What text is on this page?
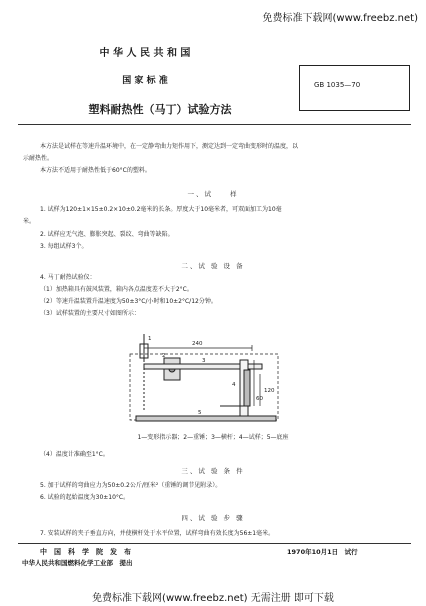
免费标准下载网(www.freebz.net)
中 华 人 民 共 和 国
国 家 标 准	GB 1035—70
塑料耐热性（马丁）试验方法
本方法是试样在等速升温环境中，在一定静弯曲力矩作用下，测定达到一定弯曲变形时的温度，以
示耐热性。
本方法不适用于耐热性低于60°C的塑料。
一、试　　样
1. 试样为120±1×15±0.2×10±0.2毫米的长条。厚度大于10毫米者，可双面加工为10毫
米。
2. 试样应无气泡、膨胀突起、裂纹、弯曲等缺陷。
3. 每组试样3个。
二、试 验 设 备
4. 马丁耐热试验仪：
（1）加热箱具有鼓风装置，箱内各点温度差不大于2°C。
（2）等速升温装置升温速度为50±3°C/小时和10±2°C/12分钟。
（3）试样装置的主要尺寸如图所示：
1
2
3
4
5
240
120
60
1—变形指示器；2—重锤；3—横杆；4—试样；5—底座
（4）温度计准确至1°C。
三、试 验 条 件
5. 加于试样的弯曲应力为50±0.2公斤/厘米²（重锤的调节见附录）。
6. 试验的起始温度为30±10°C。
四、试 验 步 骤
7. 安装试样的夹子垂直方向，并使横杆处于水平位置，试样弯曲有效长度为56±1毫米。
中　国　科　学　院　发　布	1970年10月1日　试行
中华人民共和国燃料化学工业部　提出
免费标准下载网(www.freebz.net) 无需注册 即可下载
